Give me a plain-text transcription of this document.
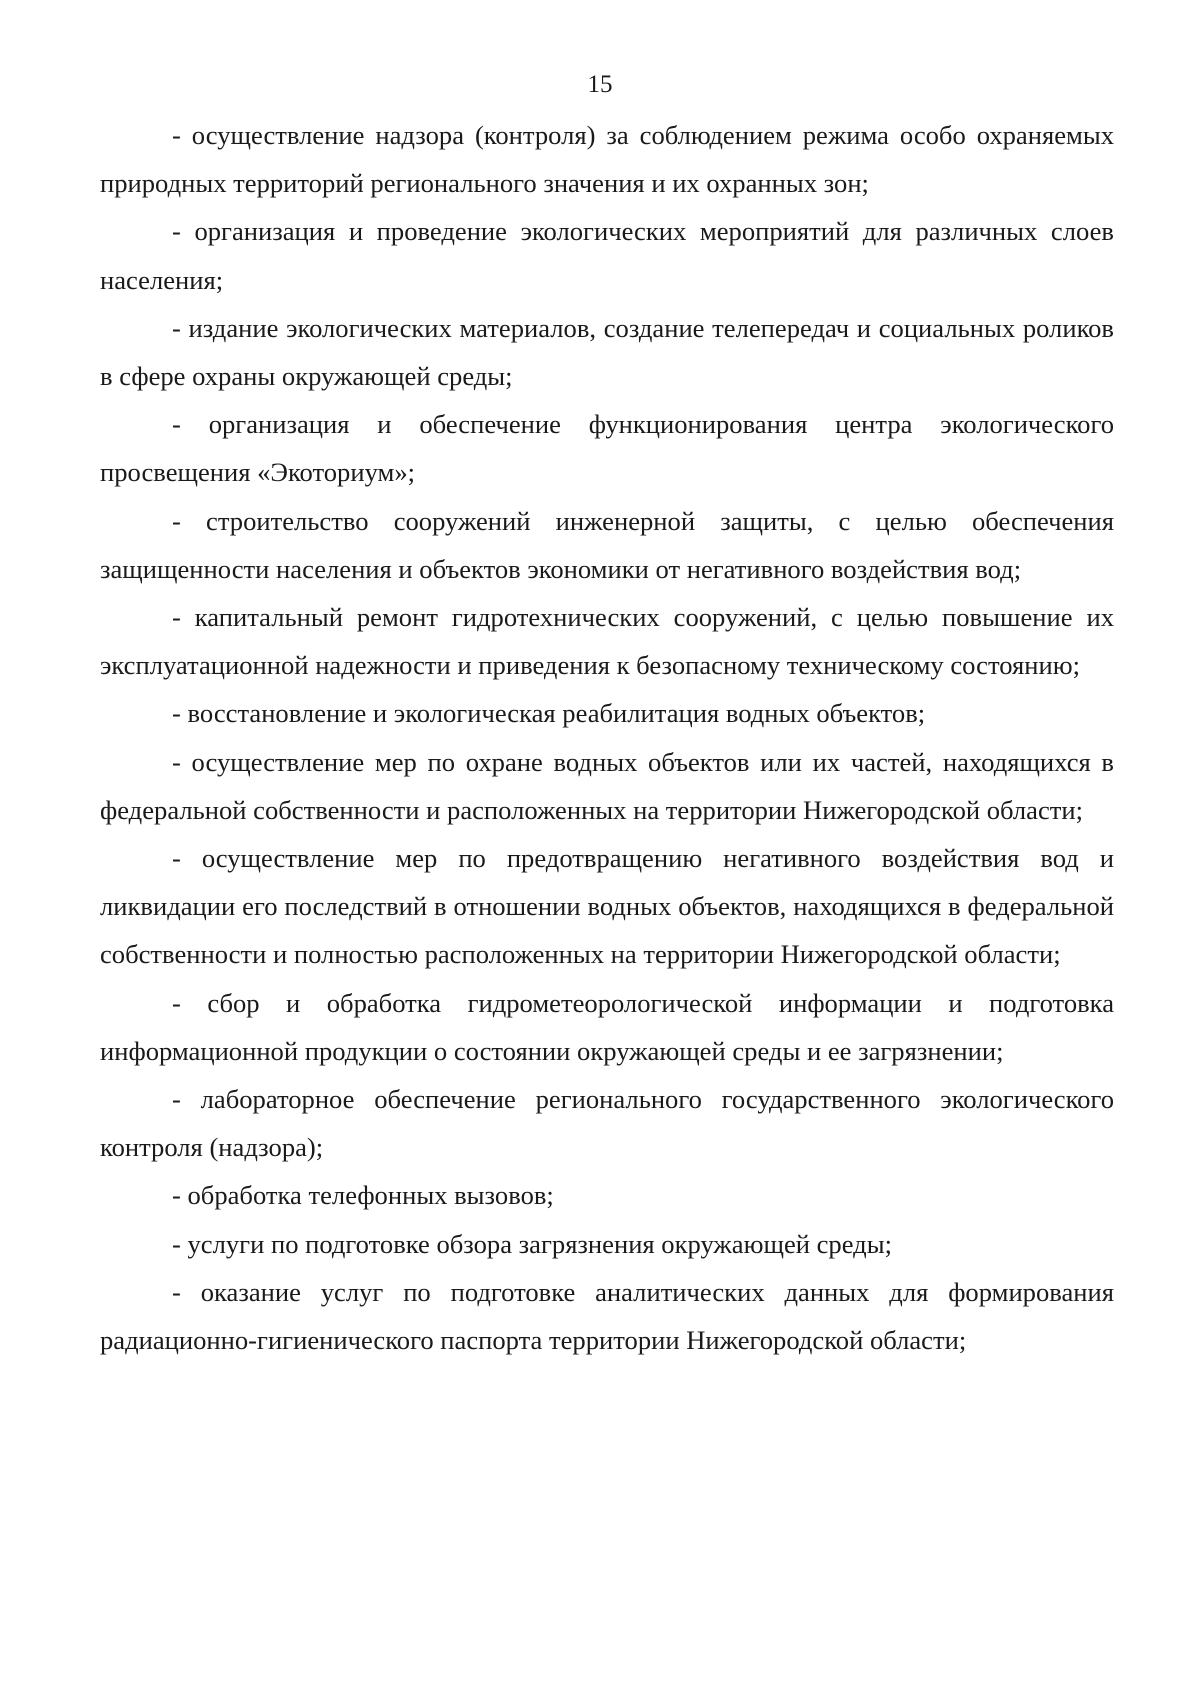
15

- осуществление надзора (контроля) за соблюдением режима особо охраняемых природных территорий регионального значения и их охранных зон;

- организация и проведение экологических мероприятий для различных слоев населения;

- издание экологических материалов, создание телепередач и социальных роликов в сфере охраны окружающей среды;

- организация и обеспечение функционирования центра экологического просвещения «Экоториум»;

- строительство сооружений инженерной защиты, с целью обеспечения защищенности населения и объектов экономики от негативного воздействия вод;

- капитальный ремонт гидротехнических сооружений, с целью повышение их эксплуатационной надежности и приведения к безопасному техническому состоянию;

- восстановление и экологическая реабилитация водных объектов;

- осуществление мер по охране водных объектов или их частей, находящихся в федеральной собственности и расположенных на территории Нижегородской области;

- осуществление мер по предотвращению негативного воздействия вод и ликвидации его последствий в отношении водных объектов, находящихся в федеральной собственности и полностью расположенных на территории Нижегородской области;

- сбор и обработка гидрометеорологической информации и подготовка информационной продукции о состоянии окружающей среды и ее загрязнении;

- лабораторное обеспечение регионального государственного экологического контроля (надзора);

- обработка телефонных вызовов;

- услуги по подготовке обзора загрязнения окружающей среды;

- оказание услуг по подготовке аналитических данных для формирования радиационно-гигиенического паспорта территории Нижегородской области;
